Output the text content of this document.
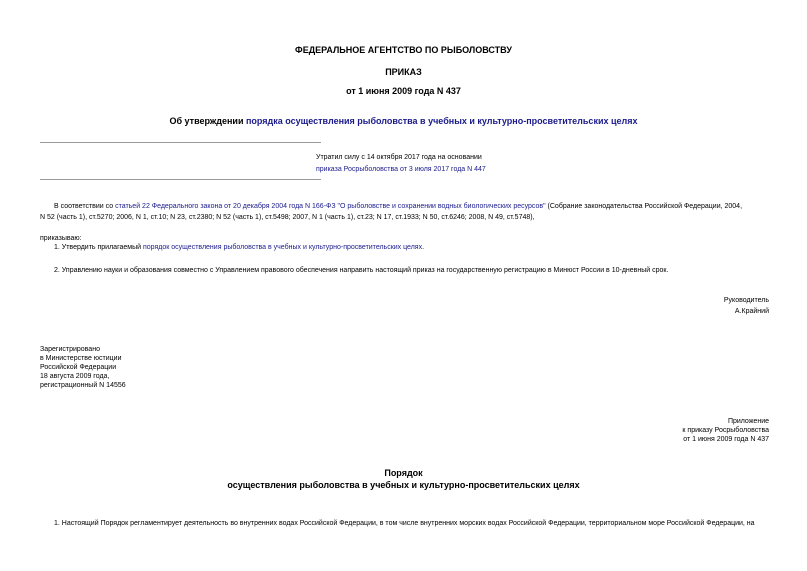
ФЕДЕРАЛЬНОЕ АГЕНТСТВО ПО РЫБОЛОВСТВУ
ПРИКАЗ
от 1 июня 2009 года N 437
Об утверждении порядка осуществления рыболовства в учебных и культурно-просветительских целях
Утратил силу с 14 октября 2017 года на основании
приказа Росрыболовства от 3 июля 2017 года N 447
В соответствии со статьей 22 Федерального закона от 20 декабря 2004 года N 166-ФЗ "О рыболовстве и сохранении водных биологических ресурсов" (Собрание законодательства Российской Федерации, 2004,
N 52 (часть 1), ст.5270; 2006, N 1, ст.10; N 23, ст.2380; N 52 (часть 1), ст.5498; 2007, N 1 (часть 1), ст.23; N 17, ст.1933; N 50, ст.6246; 2008, N 49, ст.5748),
приказываю:
1. Утвердить прилагаемый порядок осуществления рыболовства в учебных и культурно-просветительских целях.
2. Управлению науки и образования совместно с Управлением правового обеспечения направить настоящий приказ на государственную регистрацию в Минюст России в 10-дневный срок.
Руководитель
А.Крайний
Зарегистрировано
в Министерстве юстиции
Российской Федерации
18 августа 2009 года,
регистрационный N 14556
Приложение
к приказу Росрыболовства
от 1 июня 2009 года N 437
Порядок
осуществления рыболовства в учебных и культурно-просветительских целях
1. Настоящий Порядок регламентирует деятельность во внутренних водах Российской Федерации, в том числе внутренних морских водах Российской Федерации, территориальном море Российской Федерации, на
